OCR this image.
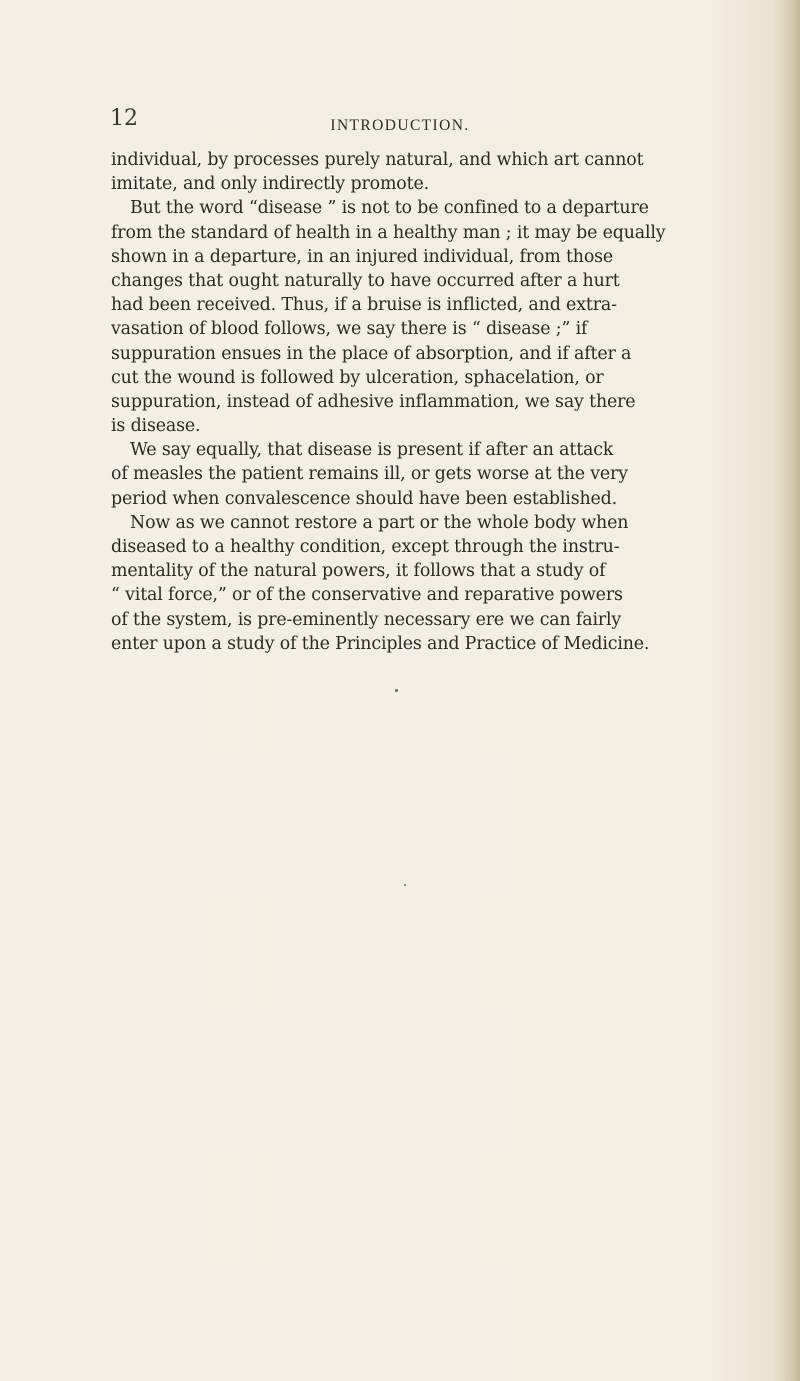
12	INTRODUCTION.
individual, by processes purely natural, and which art cannot
imitate, and only indirectly promote.
But the word “disease ” is not to be confined to a departure
from the standard of health in a healthy man ; it may be equally
shown in a departure, in an injured individual, from those
changes that ought naturally to have occurred after a hurt
had been received. Thus, if a bruise is inflicted, and extra-
vasation of blood follows, we say there is “ disease ;” if
suppuration ensues in the place of absorption, and if after a
cut the wound is followed by ulceration, sphacelation, or
suppuration, instead of adhesive inflammation, we say there
is disease.
We say equally, that disease is present if after an attack
of measles the patient remains ill, or gets worse at the very
period when convalescence should have been established.
Now as we cannot restore a part or the whole body when
diseased to a healthy condition, except through the instru-
mentality of the natural powers, it follows that a study of
“ vital force,” or of the conservative and reparative powers
of the system, is pre-eminently necessary ere we can fairly
enter upon a study of the Principles and Practice of Medicine.
